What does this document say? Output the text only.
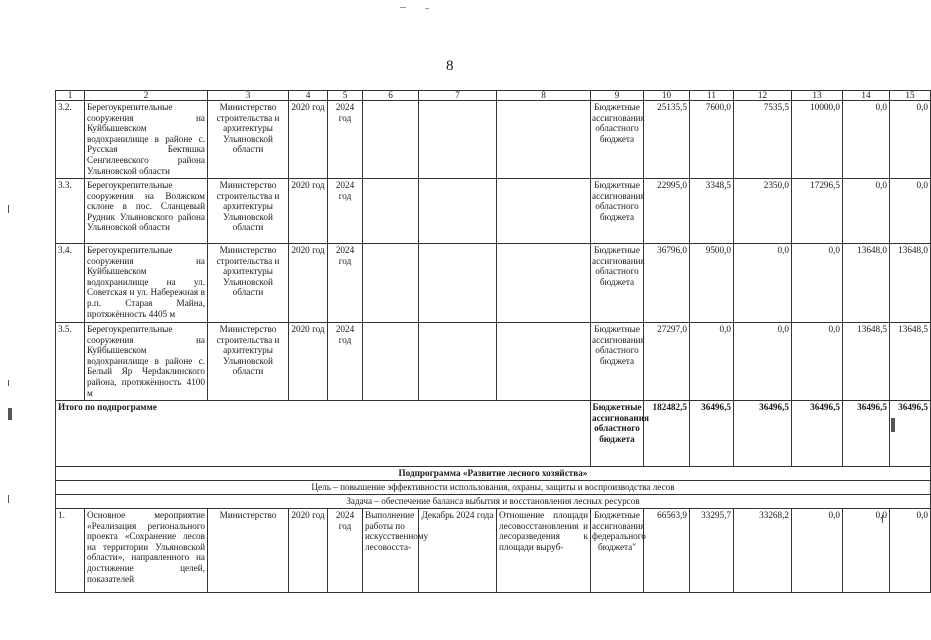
8
1	2	3	4	5	6	7	8	9	10	11	12	13	14	15
3.2.	Берегоукрепительные сооружения на Куйбышевском водохранилище в районе с. Русская Бектяшка Сенгилеевского района Ульяновской области	Министерство строительства и архитектуры Ульяновской области	2020 год	2024 год				Бюджетные ассигнования областного бюджета	25135,5	7600,0	7535,5	10000,0	0,0	0,0
3.3.	Берегоукрепительные сооружения на Волжском склоне в пос. Сланцевый Рудник Ульяновского района Ульяновской области	Министерство строительства и архитектуры Ульяновской области	2020 год	2024 год				Бюджетные ассигнования областного бюджета	22995,0	3348,5	2350,0	17296,5	0,0	0,0
3.4.	Берегоукрепительные сооружения на Куйбышевском водохранилище на ул. Советская и ул. Набережная в р.п. Старая Майна, протяжённость 4405 м	Министерство строительства и архитектуры Ульяновской области	2020 год	2024 год				Бюджетные ассигнования областного бюджета	36796,0	9500,0	0,0	0,0	13648,0	13648,0
3.5.	Берегоукрепительные сооружения на Куйбышевском водохранилище в районе с. Белый Яр Черdаклинского района, протяжённость 4100 м	Министерство строительства и архитектуры Ульяновской области	2020 год	2024 год				Бюджетные ассигнования областного бюджета	27297,0	0,0	0,0	0,0	13648,5	13648,5
Итого по подпрограмме								Бюджетные ассигнования областного бюджета	182482,5	36496,5	36496,5	36496,5	36496,5	36496,5
Подпрограмма «Развитие лесного хозяйства»														
Цель – повышение эффективности использования, охраны, защиты и воспроизводства лесов														
Задача – обеспечение баланса выбытия и восстановления лесных ресурсов														
1.	Основное мероприятие «Реализация регионального проекта «Сохранение лесов на территории Ульяновской области», направленного на достижение целей, показателей	Министерство	2020 год	2024 год	Выполнение работы по искусственному лесовосста-	Декабрь 2024 года	Отношение площади лесовосстановления и лесоразведения к площади выруб-	Бюджетные ассигнования федерального бюджета"	66563,9	33295,7	33268,2	0,0	0,0	0,0
